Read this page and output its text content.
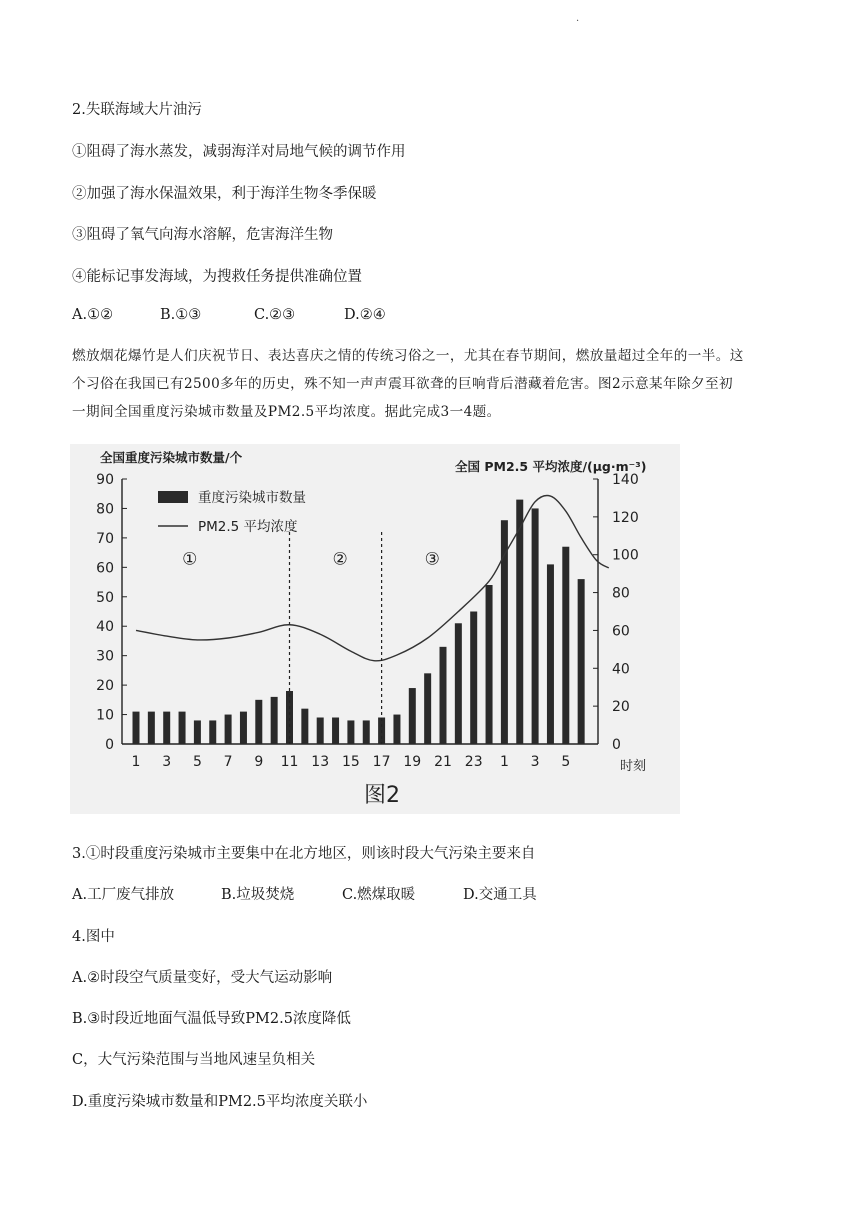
·
2.失联海域大片油污
①阻碍了海水蒸发，减弱海洋对局地气候的调节作用
②加强了海水保温效果，利于海洋生物冬季保暖
③阻碍了氧气向海水溶解，危害海洋生物
④能标记事发海域，为搜救任务提供准确位置
A.①②	B.①③	C.②③	D.②④
燃放烟花爆竹是人们庆祝节日、表达喜庆之情的传统习俗之一，尤其在春节期间，燃放量超过全年的一半。这
个习俗在我国已有2500多年的历史，殊不知一声声震耳欲聋的巨响背后潜藏着危害。图2示意某年除夕至初
一期间全国重度污染城市数量及PM2.5平均浓度。据此完成3一4题。
0
10
20
30
40
50
60
70
80
90
0
20
40
60
80
100
120
140
1 3 5 7 9 11 13 15 17 19 21 23 1 3 5	时刻
全国重度污染城市数量/个
全国 PM2.5 平均浓度/(μg·m⁻³)
①	②	③
重度污染城市数量
PM2.5 平均浓度
图2
3.①时段重度污染城市主要集中在北方地区，则该时段大气污染主要来自
A.工厂废气排放	B.垃圾焚烧	C.燃煤取暖	D.交通工具
4.图中
A.②时段空气质量变好，受大气运动影响
B.③时段近地面气温低导致PM2.5浓度降低
C，大气污染范围与当地风速呈负相关
D.重度污染城市数量和PM2.5平均浓度关联小
